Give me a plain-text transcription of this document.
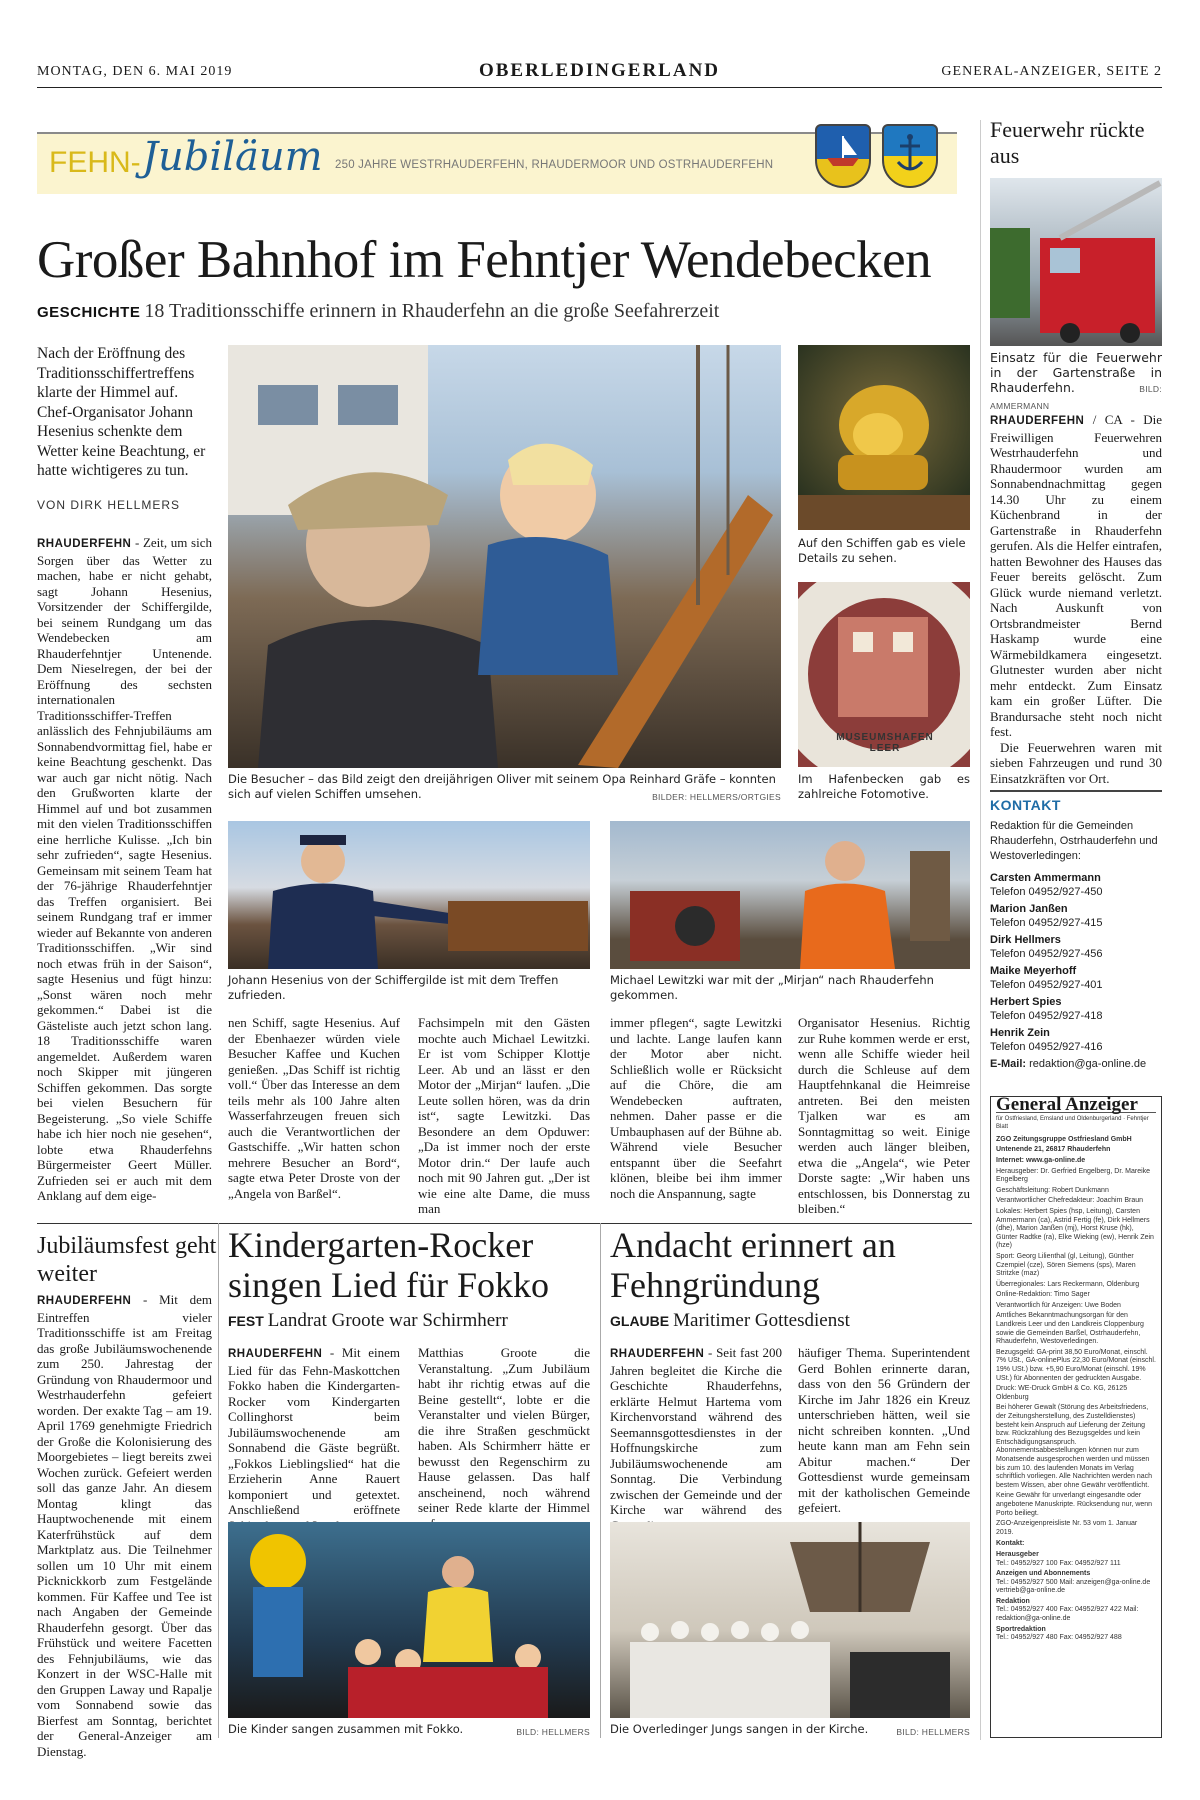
MONTAG, DEN 6. MAI 2019	OBERLEDINGERLAND	GENERAL-ANZEIGER, SEITE 2
FEHN- Jubiläum 250 JAHRE WESTRHAUDERFEHN, RHAUDERMOOR UND OSTRHAUDERFEHN
Großer Bahnhof im Fehntjer Wendebecken
GESCHICHTE 18 Traditionsschiffe erinnern in Rhauderfehn an die große Seefahrerzeit
Nach der Eröffnung des Traditionsschiffertreffens klarte der Himmel auf. Chef-Organisator Johann Hesenius schenkte dem Wetter keine Beachtung, er hatte wichtigeres zu tun.
VON DIRK HELLMERS
RHAUDERFEHN - Zeit, um sich Sorgen über das Wetter zu machen, habe er nicht gehabt, sagt Johann Hesenius, Vorsitzender der Schiffergilde, bei seinem Rundgang um das Wendebecken am Rhauderfehntjer Untenende. Dem Nieselregen, der bei der Eröffnung des sechsten internationalen Traditionsschiffer-Treffen anlässlich des Fehnjubiläums am Sonnabendvormittag fiel, habe er keine Beachtung geschenkt. Das war auch gar nicht nötig. Nach den Grußworten klarte der Himmel auf und bot zusammen mit den vielen Traditionsschiffen eine herrliche Kulisse. „Ich bin sehr zufrieden“, sagte Hesenius. Gemeinsam mit seinem Team hat der 76-jährige Rhauderfehntjer das Treffen organisiert. Bei seinem Rundgang traf er immer wieder auf Bekannte von anderen Traditionsschiffen. „Wir sind noch etwas früh in der Saison“, sagte Hesenius und fügt hinzu: „Sonst wären noch mehr gekommen.“ Dabei ist die Gästeliste auch jetzt schon lang. 18 Traditionsschiffe waren angemeldet. Außerdem waren noch Skipper mit jüngeren Schiffen gekommen. Das sorgte bei vielen Besuchern für Begeisterung. „So viele Schiffe habe ich hier noch nie gesehen“, lobte etwa Rhauderfehns Bürgermeister Geert Müller. Zufrieden sei er auch mit dem Anklang auf dem eige-
Die Besucher – das Bild zeigt den dreijährigen Oliver mit seinem Opa Reinhard Gräfe – konnten sich auf vielen Schiffen umsehen.	BILDER: HELLMERS/ORTGIES
Auf den Schiffen gab es viele Details zu sehen.
MUSEUMSHAFEN LEER
Im Hafenbecken gab es zahlreiche Fotomotive.
Johann Hesenius von der Schiffergilde ist mit dem Treffen zufrieden.
Michael Lewitzki war mit der „Mirjan“ nach Rhauderfehn gekommen.
nen Schiff, sagte Hesenius. Auf der Ebenhaezer würden viele Besucher Kaffee und Kuchen genießen. „Das Schiff ist richtig voll.“ Über das Interesse an dem teils mehr als 100 Jahre alten Wasserfahrzeugen freuen sich auch die Verantwortlichen der Gastschiffe. „Wir hatten schon mehrere Besucher an Bord“, sagte etwa Peter Droste von der „Angela von Barßel“.
Fachsimpeln mit den Gästen mochte auch Michael Lewitzki. Er ist vom Schipper Klottje Leer. Ab und an lässt er den Motor der „Mirjan“ laufen. „Die Leute sollen hören, was da drin ist“, sagte Lewitzki. Das Besondere an dem Opduwer: „Da ist immer noch der erste Motor drin.“ Der laufe auch noch mit 90 Jahren gut. „Der ist wie eine alte Dame, die muss man
immer pflegen“, sagte Lewitzki und lachte. Lange laufen kann der Motor aber nicht. Schließlich wolle er Rücksicht auf die Chöre, die am Wendebecken auftraten, nehmen. Daher passe er die Umbauphasen auf der Bühne ab. Während viele Besucher entspannt über die Seefahrt klönen, bleibe bei ihm immer noch die Anspannung, sagte
Organisator Hesenius. Richtig zur Ruhe kommen werde er erst, wenn alle Schiffe wieder heil durch die Schleuse auf dem Hauptfehnkanal die Heimreise antreten. Bei den meisten Tjalken war es am Sonntagmittag so weit. Einige werden auch länger bleiben, etwa die „Angela“, wie Peter Dorste sagte: „Wir haben uns entschlossen, bis Donnerstag zu bleiben.“
Jubiläumsfest geht weiter
RHAUDERFEHN - Mit dem Eintreffen vieler Traditionsschiffe ist am Freitag das große Jubiläumswochenende zum 250. Jahrestag der Gründung von Rhaudermoor und Westrhauderfehn gefeiert worden. Der exakte Tag – am 19. April 1769 genehmigte Friedrich der Große die Kolonisierung des Moorgebietes – liegt bereits zwei Wochen zurück. Gefeiert werden soll das ganze Jahr. An diesem Montag klingt das Hauptwochenende mit einem Katerfrühstück auf dem Marktplatz aus. Die Teilnehmer sollen um 10 Uhr mit einem Picknickkorb zum Festgelände kommen. Für Kaffee und Tee ist nach Angaben der Gemeinde Rhauderfehn gesorgt. Über das Frühstück und weitere Facetten des Fehnjubiläums, wie das Konzert in der WSC-Halle mit den Gruppen Laway und Rapalje vom Sonnabend sowie das Bierfest am Sonntag, berichtet der General-Anzeiger am Dienstag.
Kindergarten-Rocker singen Lied für Fokko
FEST Landrat Groote war Schirmherr
RHAUDERFEHN - Mit einem Lied für das Fehn-Maskottchen Fokko haben die Kindergarten-Rocker vom Kindergarten Collinghorst beim Jubiläumswochenende am Sonnabend die Gäste begrüßt. „Fokkos Lieblingslied“ hat die Erzieherin Anne Rauert komponiert und getextet. Anschließend eröffnete
Matthias Groote die Veranstaltung. „Zum Jubiläum habt ihr richtig etwas auf die Beine gestellt“, lobte er die Veranstalter und vielen Bürger, die ihre Straßen geschmückt haben. Als Schirmherr hätte er bewusst den Regenschirm zu Hause gelassen. Das half anscheinend, noch während seiner Rede klarte der Himmel
Die Kinder sangen zusammen mit Fokko.	BILD: HELLMERS
Andacht erinnert an Fehngründung
GLAUBE Maritimer Gottesdienst
RHAUDERFEHN - Seit fast 200 Jahren begleitet die Kirche die Geschichte Rhauderfehns, erklärte Helmut Hartema vom Kirchenvorstand während des Seemannsgottesdienstes in der Hoffnungskirche zum Jubiläumswochenende am Sonntag. Die Verbindung zwischen der Gemeinde und der Kirche war während des
häufiger Thema. Superintendent Gerd Bohlen erinnerte daran, dass von den 56 Gründern der Kirche im Jahr 1826 ein Kreuz unterschrieben hätten, weil sie nicht schreiben konnten. „Und heute kann man am Fehn sein Abitur machen.“ Der Gottesdienst wurde gemeinsam mit der katholischen Gemeinde gefeiert.
Die Overledinger Jungs sangen in der Kirche.	BILD: HELLMERS
Feuerwehr rückte aus
Einsatz für die Feuerwehr in der Gartenstraße in Rhauderfehn.	BILD: AMMERMANN
RHAUDERFEHN / CA - Die Freiwilligen Feuerwehren Westrhauderfehn und Rhaudermoor wurden am Sonnabendnachmittag gegen 14.30 Uhr zu einem Küchenbrand in der Gartenstraße in Rhauderfehn gerufen. Als die Helfer eintrafen, hatten Bewohner des Hauses das Feuer bereits gelöscht. Zum Glück wurde niemand verletzt. Nach Auskunft von Ortsbrandmeister Bernd Haskamp wurde eine Wärmebildkamera eingesetzt. Glutnester wurden aber nicht mehr entdeckt. Zum Einsatz kam ein großer Lüfter. Die Brandursache steht noch nicht fest.
Die Feuerwehren waren mit sieben Fahrzeugen und rund 30 Einsatzkräften vor Ort.
KONTAKT
Redaktion für die Gemeinden Rhauderfehn, Ostrhauderfehn und Westoverledingen:
Carsten Ammermann
Telefon 04952/927-450
Marion Janßen
Telefon 04952/927-415
Dirk Hellmers
Telefon 04952/927-456
Maike Meyerhoff
Telefon 04952/927-401
Herbert Spies
Telefon 04952/927-418
Henrik Zein
Telefon 04952/927-416
E-Mail: redaktion@ga-online.de
General Anzeiger
für Ostfriesland, Emsland und Oldenburgerland · Fehntjer Blatt

ZGO Zeitungsgruppe Ostfriesland GmbH

Untenende 21, 26817 Rhauderfehn

Internet: www.ga-online.de

Herausgeber: Dr. Gerfried Engelberg, Dr. Mareike Engelberg

Geschäftsleitung: Robert Dunkmann

Verantwortlicher Chefredakteur: Joachim Braun

Lokales: Herbert Spies (hsp, Leitung), Carsten Ammermann (ca), Astrid Fertig (fe), Dirk Hellmers (dhe), Marion Janßen (mj), Horst Kruse (hk), Günter Radtke (ra), Elke Wieking (ew), Henrik Zein (hze)

Sport: Georg Lilienthal (gl, Leitung), Günther Czempiel (cze), Sören Siemens (sps), Maren Stritzke (maz)

Überregionales: Lars Reckermann, Oldenburg

Online-Redaktion: Timo Sager

Verantwortlich für Anzeigen: Uwe Boden

Amtliches Bekanntmachungsorgan für den Landkreis Leer und den Landkreis Cloppenburg sowie die Gemeinden Barßel, Ostrhauderfehn, Rhauderfehn, Westoverledingen.

Bezugsgeld: GA-print 38,50 Euro/Monat, einschl. 7% USt., GA-onlinePlus 22,30 Euro/Monat (einschl. 19% USt.) bzw. +5,90 Euro/Monat (einschl. 19% USt.) für Abonnenten der gedruckten Ausgabe.

Druck: WE-Druck GmbH & Co. KG, 26125 Oldenburg

Bei höherer Gewalt (Störung des Arbeitsfriedens, der Zeitungsherstellung, des Zustelldienstes) besteht kein Anspruch auf Lieferung der Zeitung bzw. Rückzahlung des Bezugsgeldes und kein Entschädigungsanspruch. Abonnementsabbestellungen können nur zum Monatsende ausgesprochen werden und müssen bis zum 10. des laufenden Monats im Verlag schriftlich vorliegen. Alle Nachrichten werden nach bestem Wissen, aber ohne Gewähr veröffentlicht.

Keine Gewähr für unverlangt eingesandte oder angebotene Manuskripte. Rücksendung nur, wenn Porto beiliegt.

ZGO-Anzeigenpreisliste Nr. 53 vom 1. Januar 2019.

Kontakt:

Herausgeber

Tel.: 04952/927 100 Fax: 04952/927 111

Anzeigen und Abonnements

Tel.: 04952/927 500 Mail: anzeigen@ga-online.de vertrieb@ga-online.de

Redaktion

Tel.: 04952/927 400 Fax: 04952/927 422 Mail: redaktion@ga-online.de

Sportredaktion

Tel.: 04952/927 480 Fax: 04952/927 488
